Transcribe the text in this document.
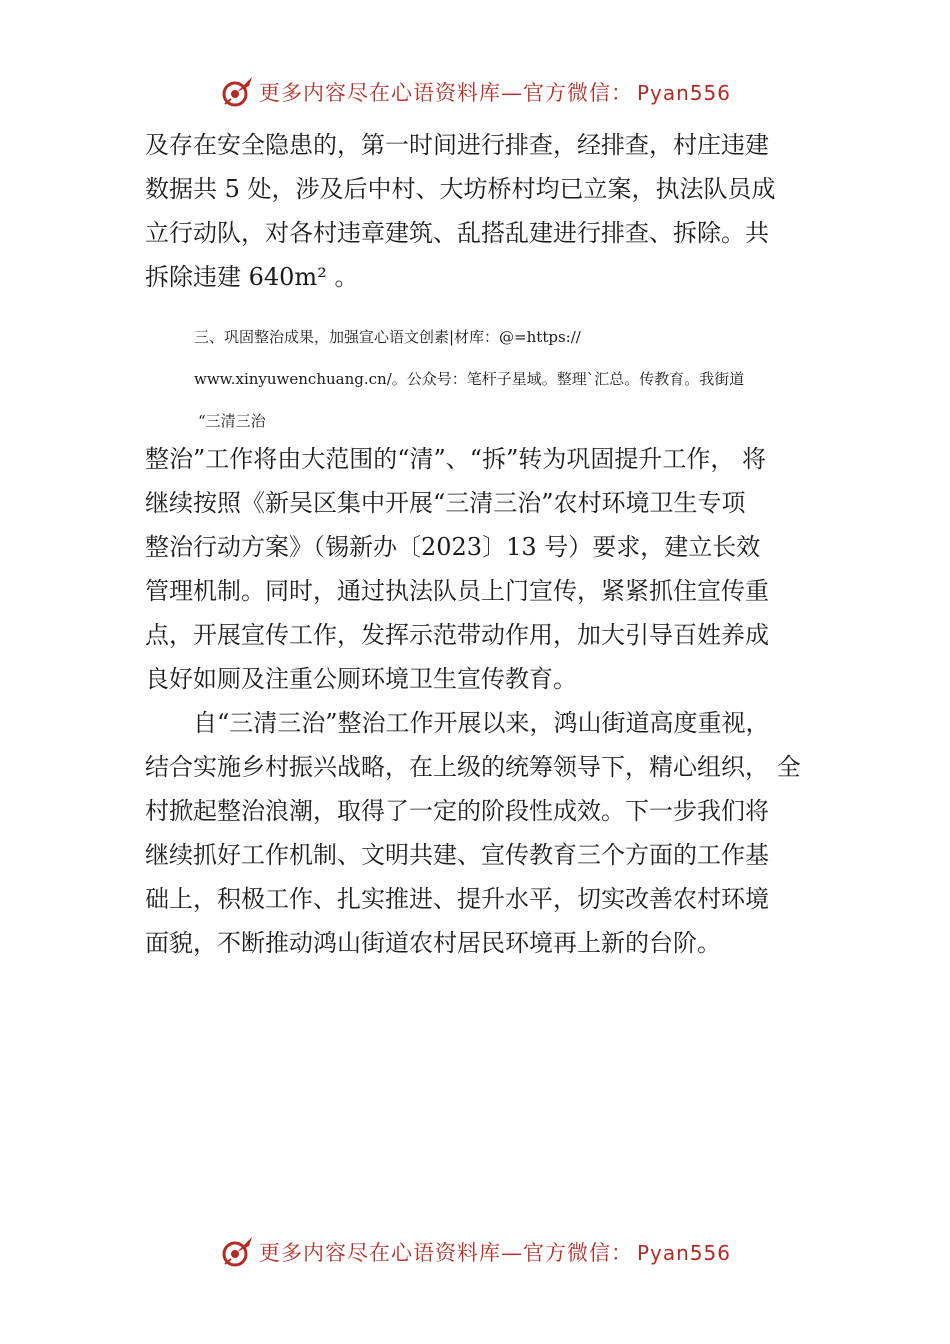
更多内容尽在心语资料库—官方微信： Pyan556
及存在安全隐患的，第一时间进行排查，经排查，村庄违建
数据共 5 处，涉及后中村、大坊桥村均已立案，执法队员成
立行动队，对各村违章建筑、乱搭乱建进行排查、拆除。共
拆除违建 640m² 。
三、巩固整治成果，加强宣心语文创素|材库：@=https://
www.xinyuwenchuang.cn/。公众号：笔杆子星域。整理`汇总。传教育。我街道
“三清三治
整治”工作将由大范围的“清”、“拆”转为巩固提升工作， 将
继续按照《新吴区集中开展“三清三治”农村环境卫生专项
整治行动方案》（锡新办〔2023〕13 号）要求，建立长效
管理机制。同时，通过执法队员上门宣传，紧紧抓住宣传重
点，开展宣传工作，发挥示范带动作用，加大引导百姓养成
良好如厕及注重公厕环境卫生宣传教育。
自“三清三治”整治工作开展以来，鸿山街道高度重视，
结合实施乡村振兴战略，在上级的统筹领导下，精心组织， 全
村掀起整治浪潮，取得了一定的阶段性成效。下一步我们将
继续抓好工作机制、文明共建、宣传教育三个方面的工作基
础上，积极工作、扎实推进、提升水平，切实改善农村环境
面貌，不断推动鸿山街道农村居民环境再上新的台阶。
更多内容尽在心语资料库—官方微信： Pyan556
